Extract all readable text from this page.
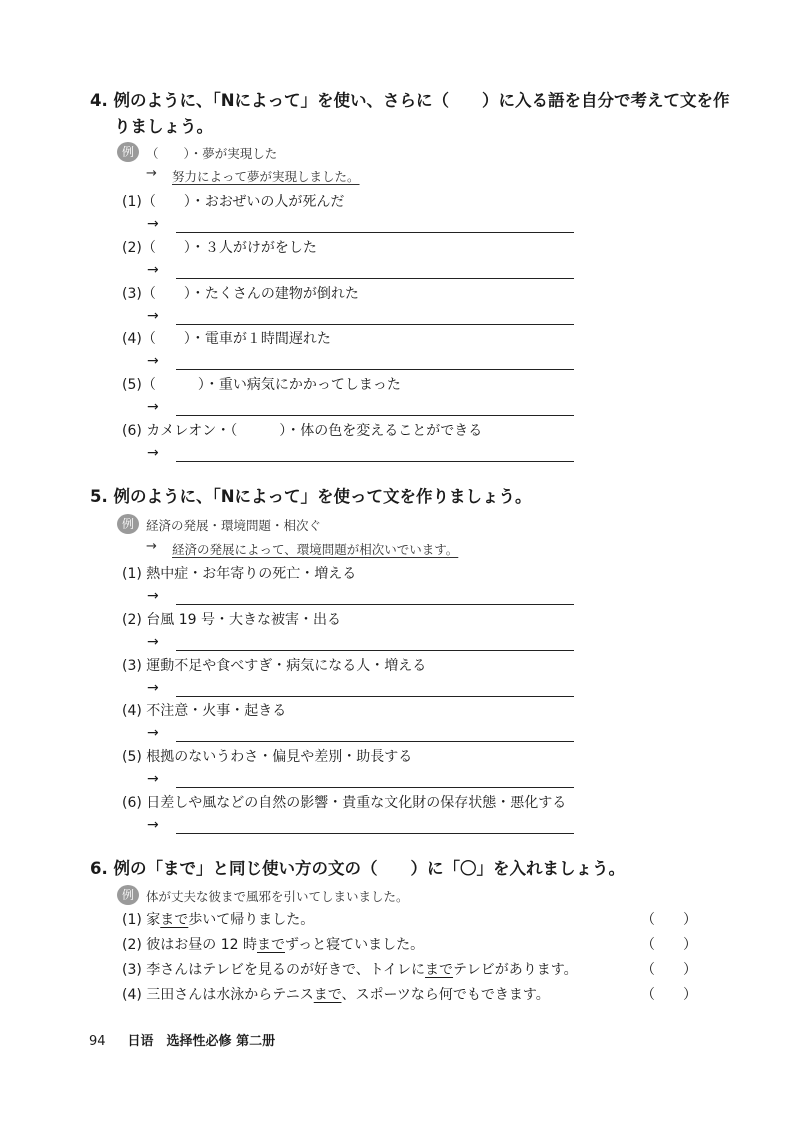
4. 例のように、「Nによって」を使い、さらに（　　）に入る語を自分で考えて文を作
りましょう。
例 （　　）・夢が実現した
→ 努力によって夢が実現しました。
(1)（　　）・おおぜいの人が死んだ
→
(2)（　　）・３人がけがをした
→
(3)（　　）・たくさんの建物が倒れた
→
(4)（　　）・電車が１時間遅れた
→
(5)（　　　）・重い病気にかかってしまった
→
(6) カメレオン・（　　　）・体の色を変えることができる
→
5. 例のように、「Nによって」を使って文を作りましょう。
例 経済の発展・環境問題・相次ぐ
→ 経済の発展によって、環境問題が相次いでいます。
(1) 熱中症・お年寄りの死亡・増える
→
(2) 台風 19 号・大きな被害・出る
→
(3) 運動不足や食べすぎ・病気になる人・増える
→
(4) 不注意・火事・起きる
→
(5) 根拠のないうわさ・偏見や差別・助長する
→
(6) 日差しや風などの自然の影響・貴重な文化財の保存状態・悪化する
→
6. 例の「まで」と同じ使い方の文の（　　）に「〇」を入れましょう。
例 体が丈夫な彼まで風邪を引いてしまいました。
(1) 家まで歩いて帰りました。	（ ）
(2) 彼はお昼の 12 時までずっと寝ていました。	（ ）
(3) 李さんはテレビを見るのが好きで、トイレにまでテレビがあります。	（ ）
(4) 三田さんは水泳からテニスまで、スポーツなら何でもできます。	（ ）
94 日语　选择性必修 第二册
